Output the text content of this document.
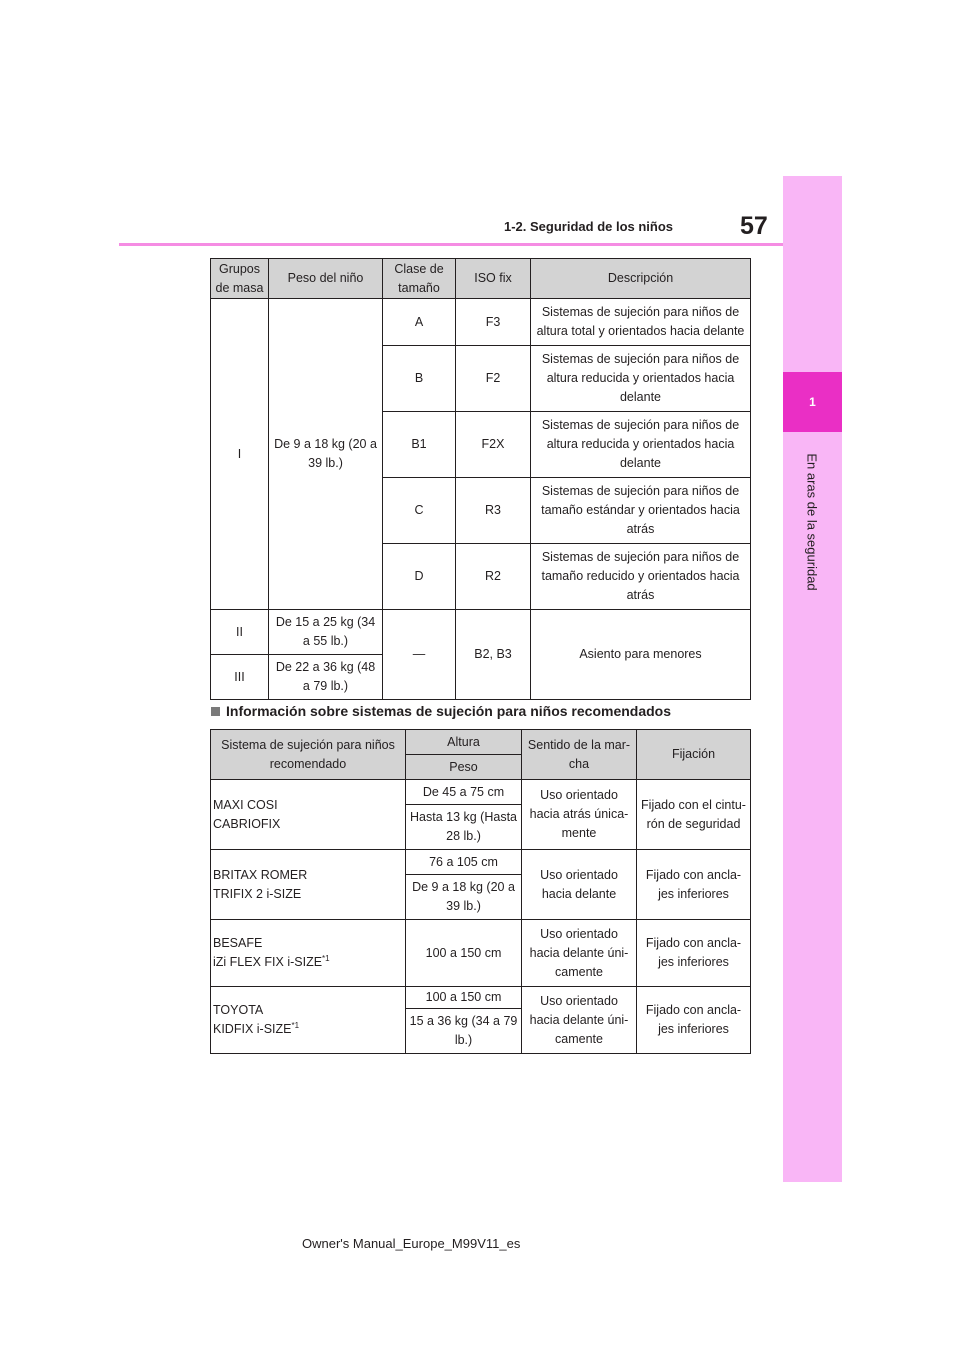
1
En aras de la seguridad
57
1-2. Seguridad de los niños
Grupos de masa	Peso del niño	Clase de tamaño	ISO fix	Descripción
I	De 9 a 18 kg (20 a 39 lb.)	A	F3	Sistemas de sujeción para niños de altura total y orientados hacia delante
		B	F2	Sistemas de sujeción para niños de altura reducida y orientados hacia delante
		B1	F2X	Sistemas de sujeción para niños de altura reducida y orientados hacia delante
		C	R3	Sistemas de sujeción para niños de tamaño estándar y orientados hacia atrás
		D	R2	Sistemas de sujeción para niños de tamaño reducido y orientados hacia atrás
II	De 15 a 25 kg (34 a 55 lb.)	—	B2, B3	Asiento para menores
III	De 22 a 36 kg (48 a 79 lb.)			
Información sobre sistemas de sujeción para niños recomendados
Sistema de sujeción para niños recomendado	Altura	Sentido de la mar- cha	Fijación
	Peso		

MAXI COSI
CABRIOFIX	De 45 a 75 cm	Uso orientado hacia atrás única- mente	Fijado con el cintu- rón de seguridad
	Hasta 13 kg (Hasta 28 lb.)		

BRITAX ROMER
TRIFIX 2 i-SIZE	76 a 105 cm	Uso orientado hacia delante	Fijado con ancla- jes inferiores
	De 9 a 18 kg (20 a 39 lb.)		

BESAFE
iZi FLEX FIX i-SIZE$^{*1}$	100 a 150 cm	Uso orientado hacia delante úni- camente	Fijado con ancla- jes inferiores

TOYOTA
KIDFIX i-SIZE$^{*1}$	100 a 150 cm	Uso orientado hacia delante úni- camente	Fijado con ancla- jes inferiores
	15 a 36 kg (34 a 79 lb.)		
Owner's Manual_Europe_M99V11_es
